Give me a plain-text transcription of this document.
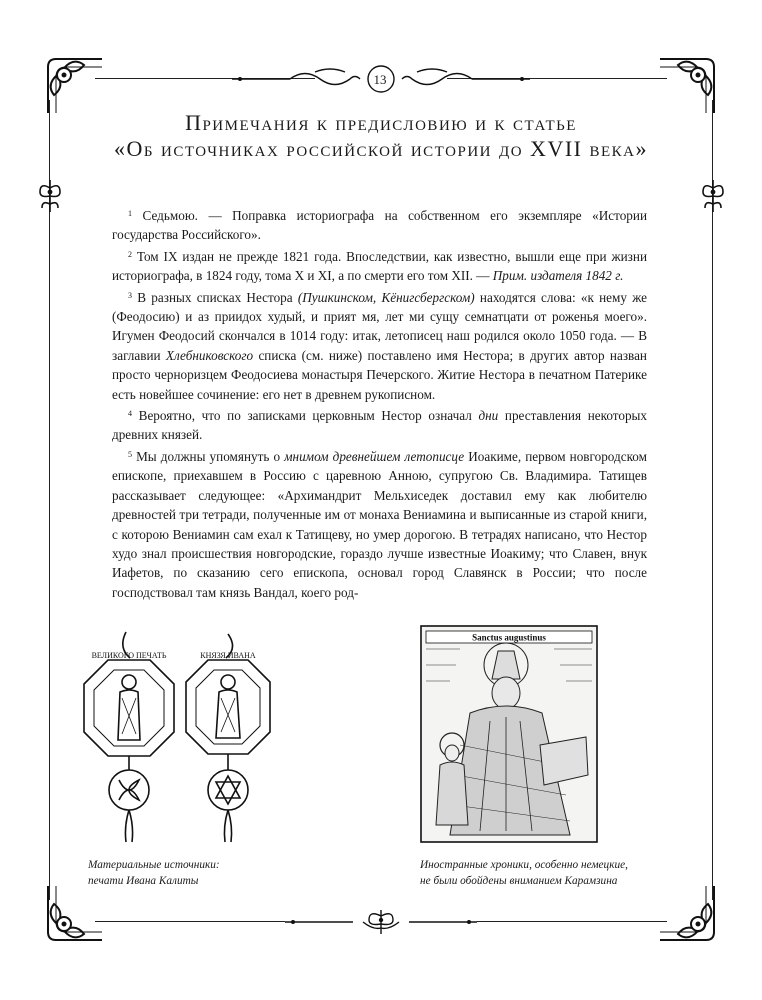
13
Примечания к предисловию и к статье
«Об источниках российской истории до XVII века»

$^1$ Седьмою. — Поправка историографа на собственном его экземпляре «Истории государства Российского».

$^2$ Том IX издан не прежде 1821 года. Впоследствии, как известно, вышли еще при жизни историографа, в 1824 году, тома X и XI, а по смерти его том XII. — Прим. издателя 1842 г.

$^3$ В разных списках Нестора (Пушкинском, Кёнигсбергском) находятся слова: «к нему же (Феодосию) и аз приидох худый, и прият мя, лет ми сущу семнатцати от роженья моего». Игумен Феодосий скончался в 1014 году: итак, летописец наш родился около 1050 года. — В заглавии Хлебниковского списка (см. ниже) поставлено имя Нестора; в других автор назван просто черноризцем Феодосиева монастыря Печерского. Житие Нестора в печатном Патерике есть новейшее сочинение: его нет в древнем рукописном.

$^4$ Вероятно, что по записками церковным Нестор означал дни преставления некоторых древних князей.

$^5$ Мы должны упомянуть о мнимом древнейшем летописце Иоакиме, первом новгородском епископе, приехавшем в Россию с царевною Анною, супругою Св. Владимира. Татищев рассказывает следующее: «Архимандрит Мельхиседек доставил ему как любителю древностей три тетради, полученные им от монаха Вениамина и выписанные из старой книги, с которою Вениамин сам ехал к Татищеву, но умер дорогою. В тетрадях написано, что Нестор худо знал происшествия новгородские, гораздо лучше известные Иоакиму; что Славен, внук Иафетов, по сказанию сего епископа, основал город Славянск в России; что после господствовал там князь Вандал, коего род-

ВЕЛИКОГО ПЕЧАТЬ	КНЯЗЯ ИВАНА
Материальные источники:
печати Ивана Калиты
Sanctus augustinus
Иностранные хроники, особенно немецкие,
не были обойдены вниманием Карамзина
